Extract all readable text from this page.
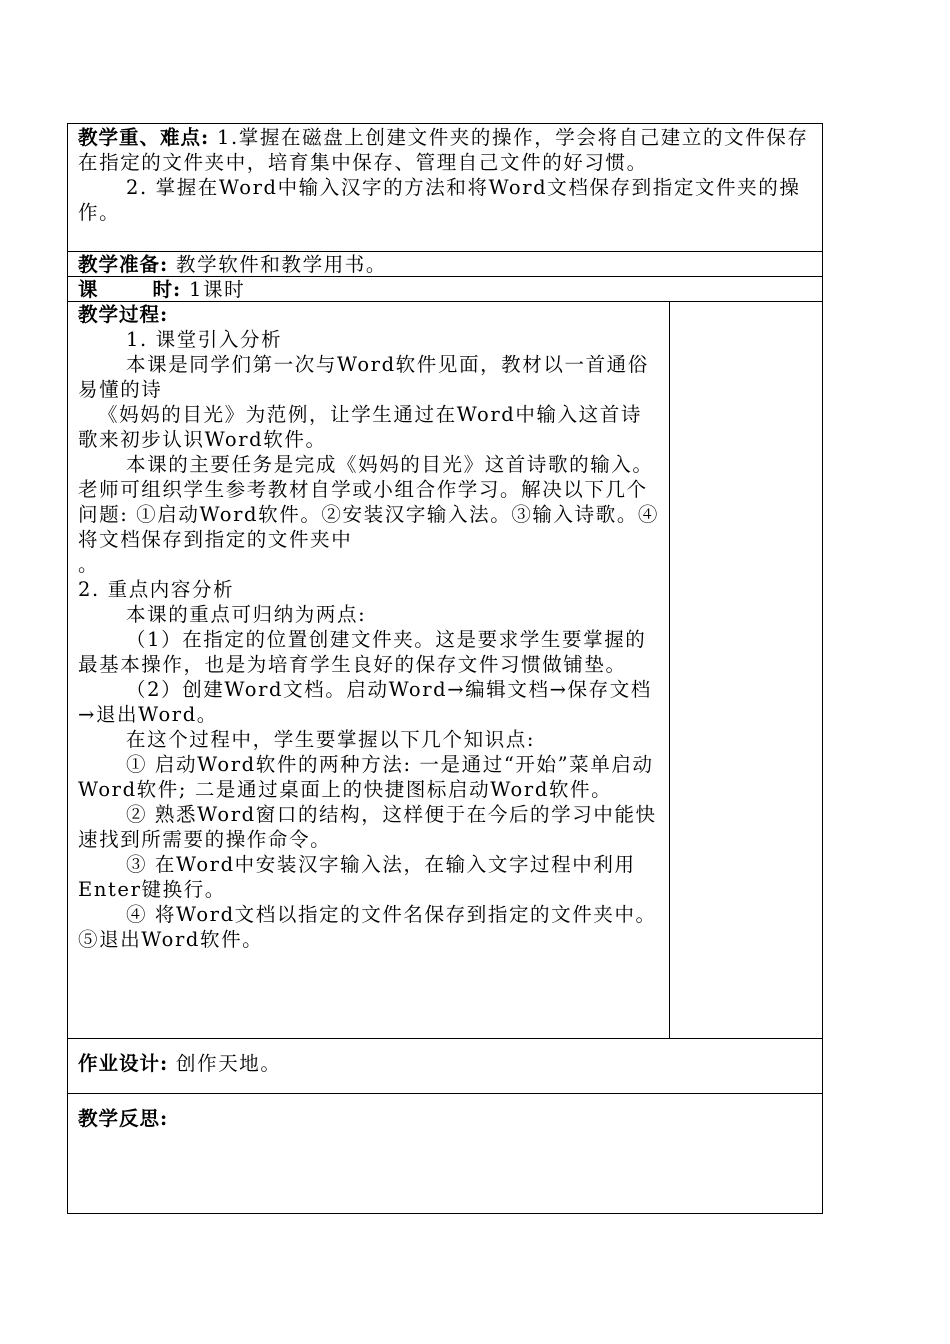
教学重、难点: 1.掌握在磁盘上创建文件夹的操作，学会将自己建立的文件保存在指定的文件夹中，培育集中保存、管理自己文件的好习惯。

2. 掌握在Word中输入汉字的方法和将Word文档保存到指定文件夹的操作。

教学准备: 教学软件和教学用书。
课	时: 1课时

教学过程:

1. 课堂引入分析

本课是同学们第一次与Word软件见面，教材以一首通俗易懂的诗

《妈妈的目光》为范例，让学生通过在Word中输入这首诗歌来初步认识Word软件。

本课的主要任务是完成《妈妈的目光》这首诗歌的输入。老师可组织学生参考教材自学或小组合作学习。解决以下几个问题: ①启动Word软件。②安装汉字输入法。③输入诗歌。④将文档保存到指定的文件夹中

。

2. 重点内容分析

本课的重点可归纳为两点:

（1）在指定的位置创建文件夹。这是要求学生要掌握的最基本操作，也是为培育学生良好的保存文件习惯做铺垫。

（2）创建Word文档。启动Word→编辑文档→保存文档→退出Word。

在这个过程中，学生要掌握以下几个知识点:

① 启动Word软件的两种方法: 一是通过“开始”菜单启动Word软件; 二是通过桌面上的快捷图标启动Word软件。

② 熟悉Word窗口的结构，这样便于在今后的学习中能快速找到所需要的操作命令。

③ 在Word中安装汉字输入法，在输入文字过程中利用Enter键换行。

④ 将Word文档以指定的文件名保存到指定的文件夹中。⑤退出Word软件。

作业设计: 创作天地。
教学反思:
